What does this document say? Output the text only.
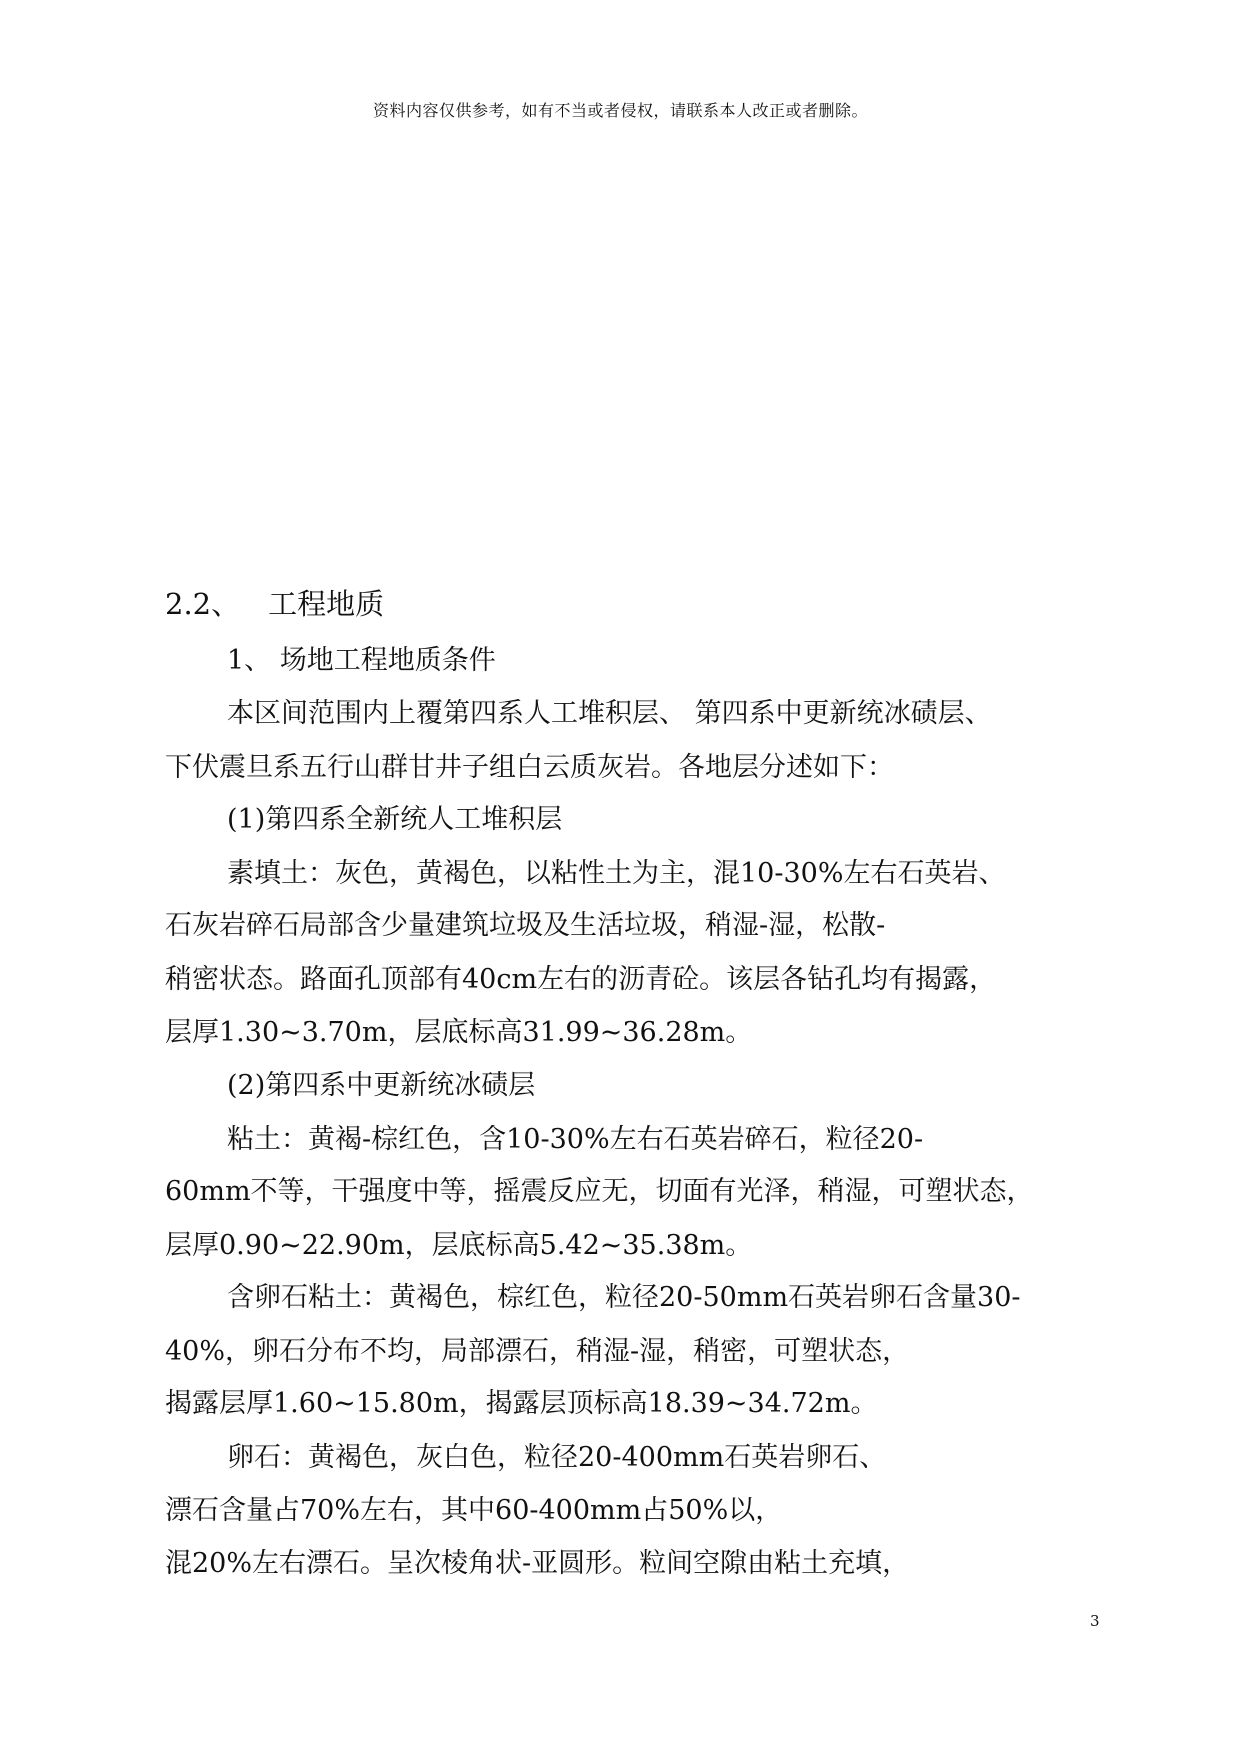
资料内容仅供参考，如有不当或者侵权，请联系本人改正或者删除。
2.2、 工程地质
1、 场地工程地质条件
本区间范围内上覆第四系人工堆积层、 第四系中更新统冰碛层、
下伏震旦系五行山群甘井子组白云质灰岩。各地层分述如下：
(1)第四系全新统人工堆积层
素填土：灰色，黄褐色，以粘性土为主，混10-30%左右石英岩、
石灰岩碎石局部含少量建筑垃圾及生活垃圾，稍湿-湿，松散-
稍密状态。路面孔顶部有40cm左右的沥青砼。该层各钻孔均有揭露，
层厚1.30~3.70m，层底标高31.99~36.28m。
(2)第四系中更新统冰碛层
粘土：黄褐-棕红色，含10-30%左右石英岩碎石，粒径20-
60mm不等，干强度中等，摇震反应无，切面有光泽，稍湿，可塑状态，
层厚0.90~22.90m，层底标高5.42~35.38m。
含卵石粘土：黄褐色，棕红色，粒径20-50mm石英岩卵石含量30-
40%，卵石分布不均，局部漂石，稍湿-湿，稍密，可塑状态，
揭露层厚1.60~15.80m，揭露层顶标高18.39~34.72m。
卵石：黄褐色，灰白色，粒径20-400mm石英岩卵石、
漂石含量占70%左右，其中60-400mm占50%以，
混20%左右漂石。呈次棱角状-亚圆形。粒间空隙由粘土充填，
3
